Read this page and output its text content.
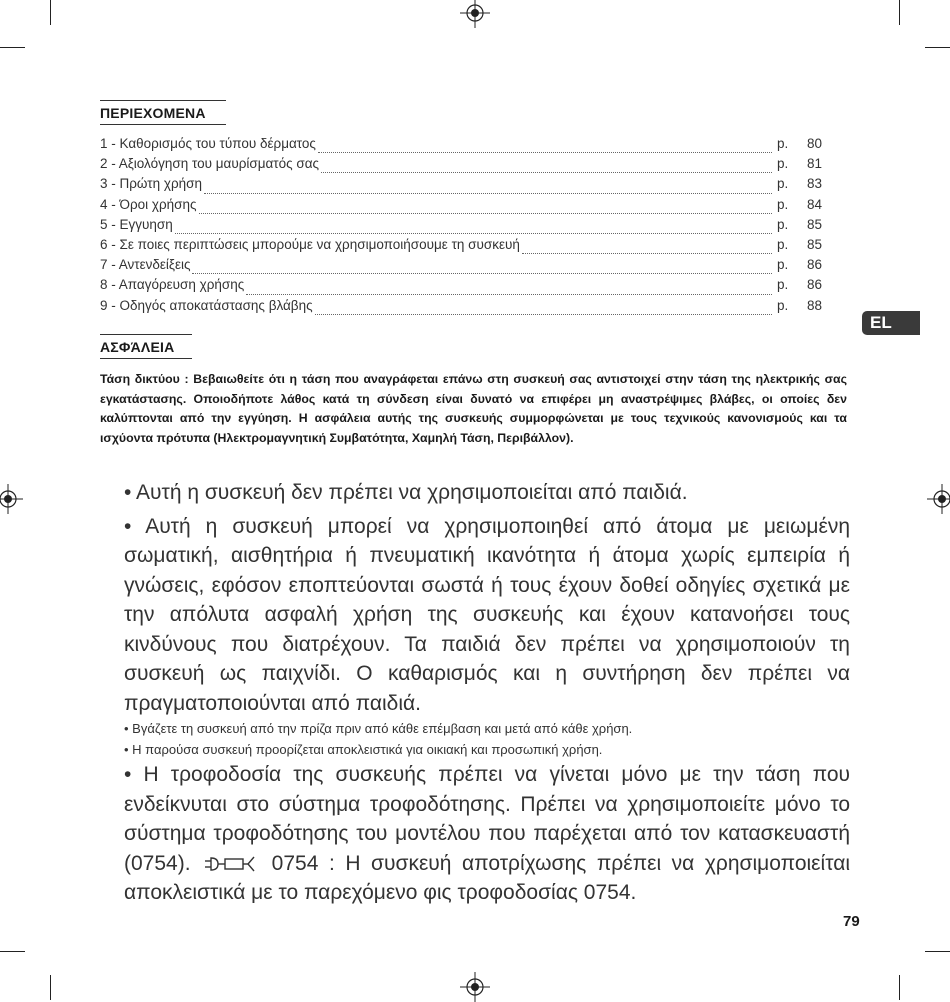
ΠΕΡΙΕΧΟΜΕΝΑ
1 - Καθορισμός του τύπου δέρματος	p.	80
2 - Αξιολόγηση του μαυρίσματός σας	p.	81
3 - Πρώτη χρήση	p.	83
4 - Όροι χρήσης	p.	84
5 - Εγγυηση	p.	85
6 - Σε ποιες περιπτώσεις μπορούμε να χρησιμοποιήσουμε τη συσκευή	p.	85
7 - Αντενδείξεις	p.	86
8 - Απαγόρευση χρήσης	p.	86
9 - Οδηγός αποκατάστασης βλάβης	p.	88
EL
ΑΣΦΆΛΕΙΑ
Τάση δικτύου : Βεβαιωθείτε ότι η τάση που αναγράφεται επάνω στη συσκευή σας αντιστοιχεί στην τάση της ηλεκτρικής σας εγκατάστασης. Οποιοδήποτε λάθος κατά τη σύνδεση είναι δυνατό να επιφέρει μη αναστρέψιμες βλάβες, οι οποίες δεν καλύπτονται από την εγγύηση. Η ασφάλεια αυτής της συσκευής συμμορφώνεται με τους τεχνικούς κανονισμούς και τα ισχύοντα πρότυπα (Ηλεκτρομαγνητική Συμβατότητα, Χαμηλή Τάση, Περιβάλλον).

• Αυτή η συσκευή δεν πρέπει να χρησιμοποιείται από παιδιά.

• Αυτή η συσκευή μπορεί να χρησιμοποιηθεί από άτομα με μειωμένη σωματική, αισθητήρια ή πνευματική ικανότητα ή άτομα χωρίς εμπειρία ή γνώσεις, εφόσον εποπτεύονται σωστά ή τους έχουν δοθεί οδηγίες σχετικά με την απόλυτα ασφαλή χρήση της συσκευής και έχουν κατανοήσει τους κινδύνους που διατρέχουν. Τα παιδιά δεν πρέπει να χρησιμοποιούν τη συσκευή ως παιχνίδι. Ο καθαρισμός και η συντήρηση δεν πρέπει να πραγματοποιούνται από παιδιά.

• Βγάζετε τη συσκευή από την πρίζα πριν από κάθε επέμβαση και μετά από κάθε χρήση.

• Η παρούσα συσκευή προορίζεται αποκλειστικά για οικιακή και προσωπική χρήση.

• Η τροφοδοσία της συσκευής πρέπει να γίνεται μόνο με την τάση που ενδείκνυται στο σύστημα τροφοδότησης. Πρέπει να χρησιμοποιείτε μόνο το σύστημα τροφοδότησης του μοντέλου που παρέχεται από τον κατασκευαστή (0754).	0754 : Η συσκευή αποτρίχωσης πρέπει να χρησιμοποιείται αποκλειστικά με το παρεχόμενο φις τροφοδοσίας 0754.

79
